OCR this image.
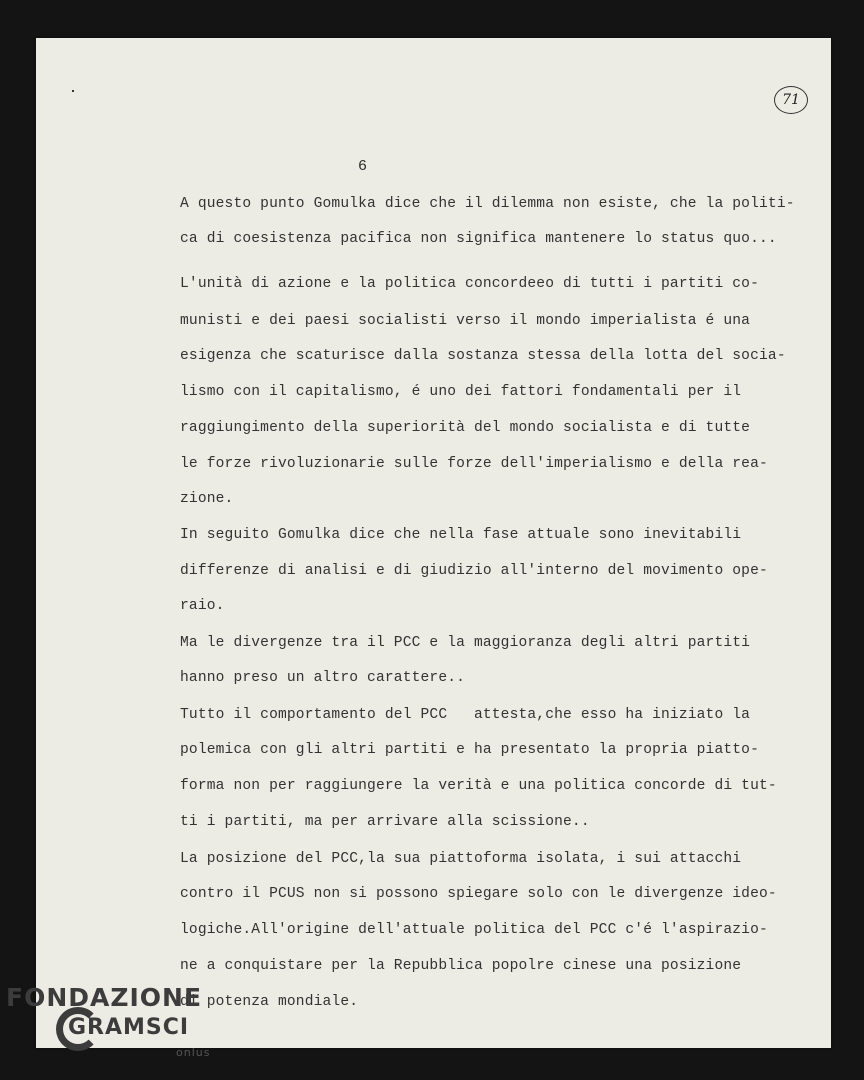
71
6
A questo punto Gomulka dice che il dilemma non esiste, che la politi-
ca di coesistenza pacifica non significa mantenere lo status quo...
L'unità di azione e la politica concordeeo di tutti i partiti co-
munisti e dei paesi socialisti verso il mondo imperialista é una
esigenza che scaturisce dalla sostanza stessa della lotta del socia-
lismo con il capitalismo, é uno dei fattori fondamentali per il
raggiungimento della superiorità del mondo socialista e di tutte
le forze rivoluzionarie sulle forze dell'imperialismo e della rea-
zione.
In seguito Gomulka dice che nella fase attuale sono inevitabili
differenze di analisi e di giudizio all'interno del movimento ope-
raio.
Ma le divergenze tra il PCC e la maggioranza degli altri partiti
hanno preso un altro carattere..
Tutto il comportamento del PCC   attesta,che esso ha iniziato la
polemica con gli altri partiti e ha presentato la propria piatto-
forma non per raggiungere la verità e una politica concorde di tut-
ti i partiti, ma per arrivare alla scissione..
La posizione del PCC,la sua piattoforma isolata, i sui attacchi
contro il PCUS non si possono spiegare solo con le divergenze ideo-
logiche.All'origine dell'attuale politica del PCC c'é l'aspirazio-
ne a conquistare per la Repubblica popolre cinese una posizione
di potenza mondiale.
FONDAZIONE
GRAMSCI
onlus
